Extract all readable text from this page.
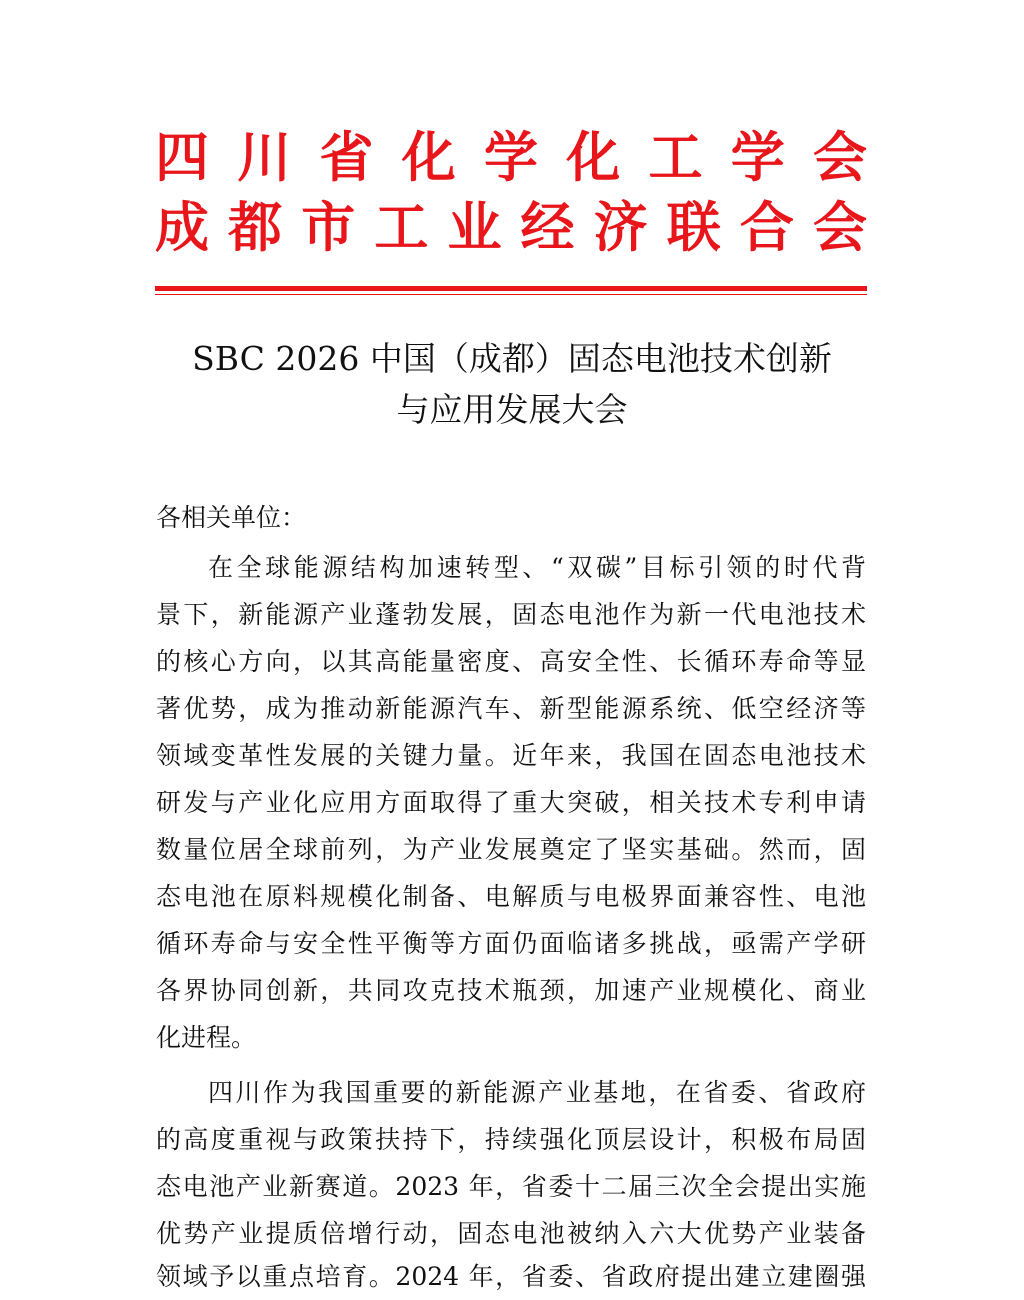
四 川 省 化 学 化 工 学 会
成 都 市 工 业 经 济 联 合 会
SBC 2026 中国（成都）固态电池技术创新
与应用发展大会
各相关单位：
在全球能源结构加速转型、“双碳”目标引领的时代背
景下，新能源产业蓬勃发展，固态电池作为新一代电池技术
的核心方向，以其高能量密度、高安全性、长循环寿命等显
著优势，成为推动新能源汽车、新型能源系统、低空经济等
领域变革性发展的关键力量。近年来，我国在固态电池技术
研发与产业化应用方面取得了重大突破，相关技术专利申请
数量位居全球前列，为产业发展奠定了坚实基础。然而，固
态电池在原料规模化制备、电解质与电极界面兼容性、电池
循环寿命与安全性平衡等方面仍面临诸多挑战，亟需产学研
各界协同创新，共同攻克技术瓶颈，加速产业规模化、商业
化进程。
四川作为我国重要的新能源产业基地，在省委、省政府
的高度重视与政策扶持下，持续强化顶层设计，积极布局固
态电池产业新赛道。2023 年，省委十二届三次全会提出实施
优势产业提质倍增行动，固态电池被纳入六大优势产业装备
领域予以重点培育。2024 年，省委、省政府提出建立建圈强
